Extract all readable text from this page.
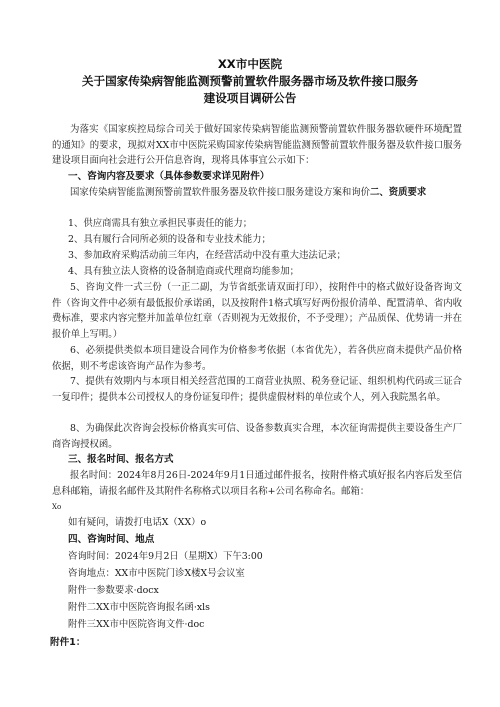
XX市中医院
关于国家传染病智能监测预警前置软件服务器市场及软件接口服务
建设项目调研公告
为落实《国家疾控局综合司关于做好国家传染病智能监测预警前置软件服务器软硬件环境配置的通知》的要求，现拟对XX市中医院采购国家传染病智能监测预警前置软件服务器及软件接口服务建设项目面向社会进行公开信息咨询，现将具体事宜公示如下：
一、咨询内容及要求（具体参数要求详见附件）
国家传染病智能监测预警前置软件服务器及软件接口服务建设方案和询价二、资质要求
1、供应商需具有独立承担民事责任的能力；
2、具有履行合同所必须的设备和专业技术能力；
3、参加政府采购活动前三年内，在经营活动中没有重大违法记录；
4、具有独立法人资格的设备制造商或代理商均能参加；
5、咨询文件一式三份（一正二副，为节省纸张请双面打印），按附件中的格式做好设备咨询文件（咨询文件中必须有最低报价承诺函，以及按附件1格式填写好两份报价清单、配置清单、省内收费标准，要求内容完整并加盖单位红章（否则视为无效报价，不予受理）；产品质保、优势请一并在报价单上写明。）
6、必须提供类似本项目建设合同作为价格参考依据（本省优先），若各供应商未提供产品价格依据，则不考虑该咨询产品作为参考。
7、提供有效期内与本项目相关经营范围的工商营业执照、税务登记证、组织机构代码或三证合一复印件；提供本公司授权人的身份证复印件；提供虚假材料的单位或个人，列入我院黑名单。
8、为确保此次咨询会投标价格真实可信、设备参数真实合理，本次征询需提供主要设备生产厂商咨询授权函。
三、报名时间、报名方式
报名时间：2024年8月26日-2024年9月1日通过邮件报名，按附件格式填好报名内容后发至信息科邮箱，请报名邮件及其附件名称格式以项目名称+公司名称命名。邮箱：
Xo
如有疑问，请拨打电话X（XX）o
四、咨询时间、地点
咨询时间：2024年9月2日（星期X）下午3:00
咨询地点：XX市中医院门诊X楼X号会议室
附件一参数要求·docx
附件二XX市中医院咨询报名函·xls
附件三XX市中医院咨询文件·doc
附件1：
